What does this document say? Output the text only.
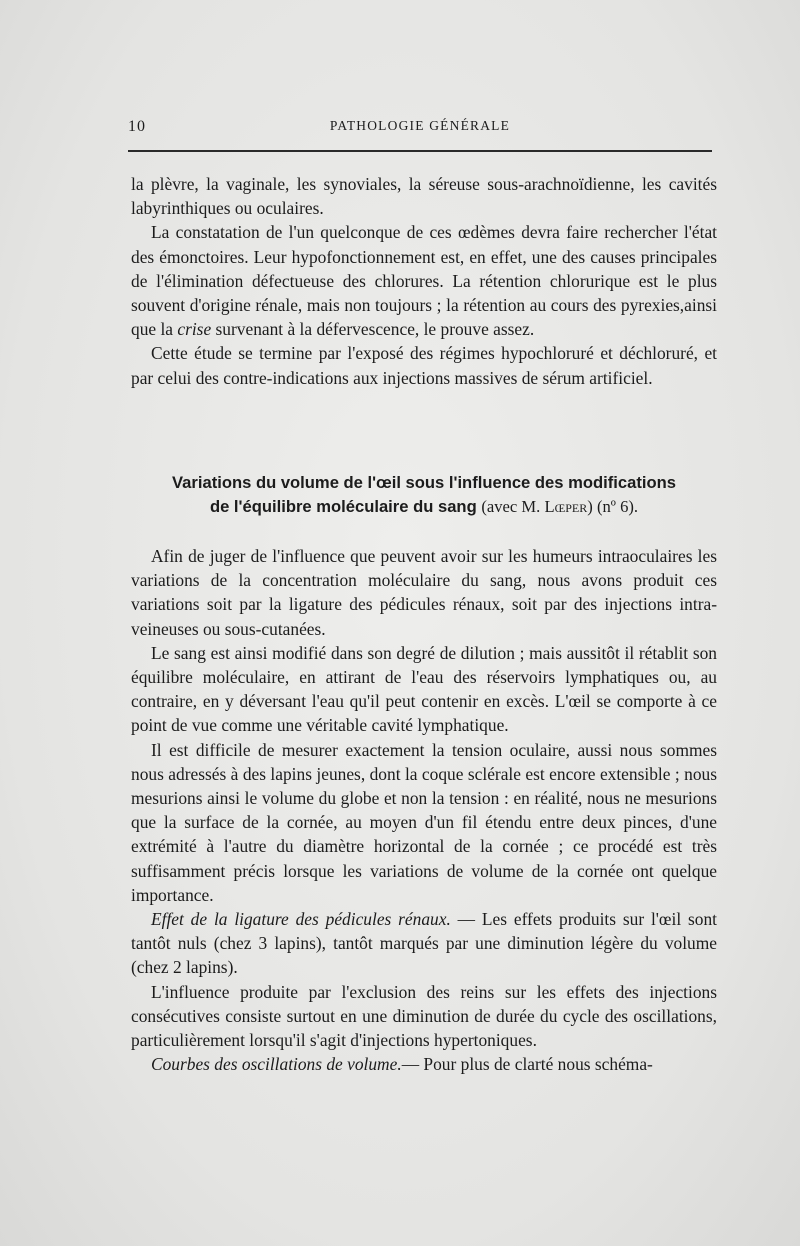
10	PATHOLOGIE GÉNÉRALE

la plèvre, la vaginale, les synoviales, la séreuse sous-arachnoïdienne, les cavités labyrinthiques ou oculaires.

La constatation de l'un quelconque de ces œdèmes devra faire rechercher l'état des émonctoires. Leur hypofonctionnement est, en effet, une des causes principales de l'élimination défectueuse des chlorures. La rétention chlorurique est le plus souvent d'origine rénale, mais non toujours ; la rétention au cours des pyrexies,ainsi que la crise survenant à la défervescence, le prouve assez.

Cette étude se termine par l'exposé des régimes hypochloruré et déchloruré, et par celui des contre-indications aux injections massives de sérum artificiel.

Variations du volume de l'œil sous l'influence des modifications
de l'équilibre moléculaire du sang (avec M. Lœper) (nº 6).

Afin de juger de l'influence que peuvent avoir sur les humeurs intraoculaires les variations de la concentration moléculaire du sang, nous avons produit ces variations soit par la ligature des pédicules rénaux, soit par des injections intra-veineuses ou sous-cutanées.

Le sang est ainsi modifié dans son degré de dilution ; mais aussitôt il rétablit son équilibre moléculaire, en attirant de l'eau des réservoirs lymphatiques ou, au contraire, en y déversant l'eau qu'il peut contenir en excès. L'œil se comporte à ce point de vue comme une véritable cavité lymphatique.

Il est difficile de mesurer exactement la tension oculaire, aussi nous sommes nous adressés à des lapins jeunes, dont la coque sclérale est encore extensible ; nous mesurions ainsi le volume du globe et non la tension : en réalité, nous ne mesurions que la surface de la cornée, au moyen d'un fil étendu entre deux pinces, d'une extrémité à l'autre du diamètre horizontal de la cornée ; ce procédé est très suffisamment précis lorsque les variations de volume de la cornée ont quelque importance.

Effet de la ligature des pédicules rénaux. — Les effets produits sur l'œil sont tantôt nuls (chez 3 lapins), tantôt marqués par une diminution légère du volume (chez 2 lapins).

L'influence produite par l'exclusion des reins sur les effets des injections consécutives consiste surtout en une diminution de durée du cycle des oscillations, particulièrement lorsqu'il s'agit d'injections hypertoniques.

Courbes des oscillations de volume.— Pour plus de clarté nous schéma-
